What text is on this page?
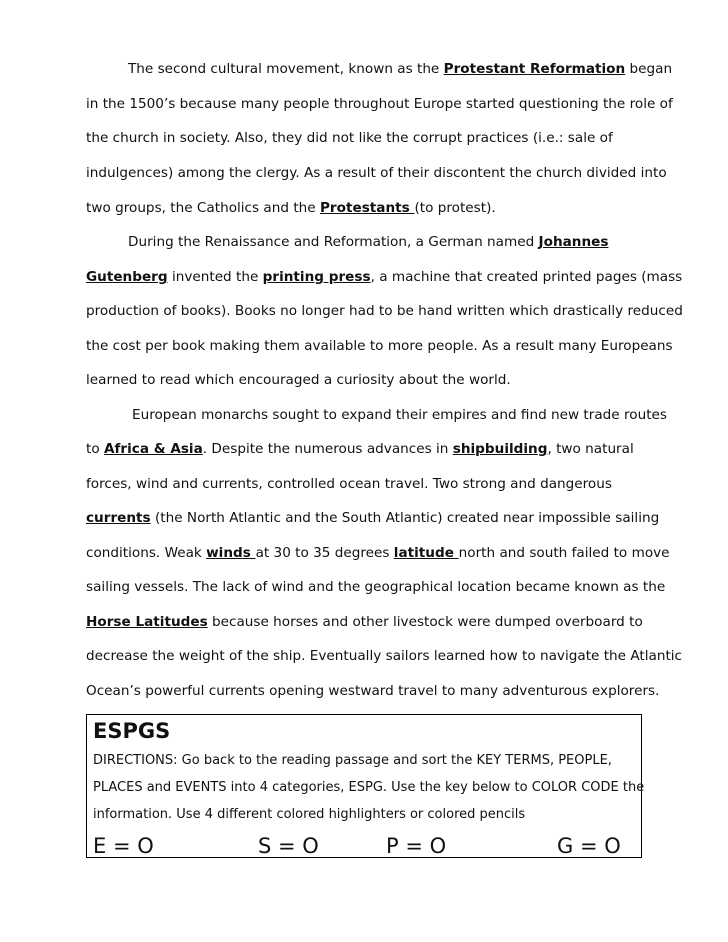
The second cultural movement, known as the Protestant Reformation began
in the 1500’s because many people throughout Europe started questioning the role of
the church in society. Also, they did not like the corrupt practices (i.e.: sale of
indulgences) among the clergy. As a result of their discontent the church divided into
two groups, the Catholics and the Protestants (to protest).
During the Renaissance and Reformation, a German named Johannes
Gutenberg invented the printing press, a machine that created printed pages (mass
production of books). Books no longer had to be hand written which drastically reduced
the cost per book making them available to more people. As a result many Europeans
learned to read which encouraged a curiosity about the world.
European monarchs sought to expand their empires and find new trade routes
to Africa & Asia. Despite the numerous advances in shipbuilding, two natural
forces, wind and currents, controlled ocean travel. Two strong and dangerous
currents (the North Atlantic and the South Atlantic) created near impossible sailing
conditions. Weak winds at 30 to 35 degrees latitude north and south failed to move
sailing vessels. The lack of wind and the geographical location became known as the
Horse Latitudes because horses and other livestock were dumped overboard to
decrease the weight of the ship. Eventually sailors learned how to navigate the Atlantic
Ocean’s powerful currents opening westward travel to many adventurous explorers.
ESPGS
DIRECTIONS: Go back to the reading passage and sort the KEY TERMS, PEOPLE,
PLACES and EVENTS into 4 categories, ESPG. Use the key below to COLOR CODE the
information. Use 4 different colored highlighters or colored pencils
E = O	S = O	P = O	G = O
